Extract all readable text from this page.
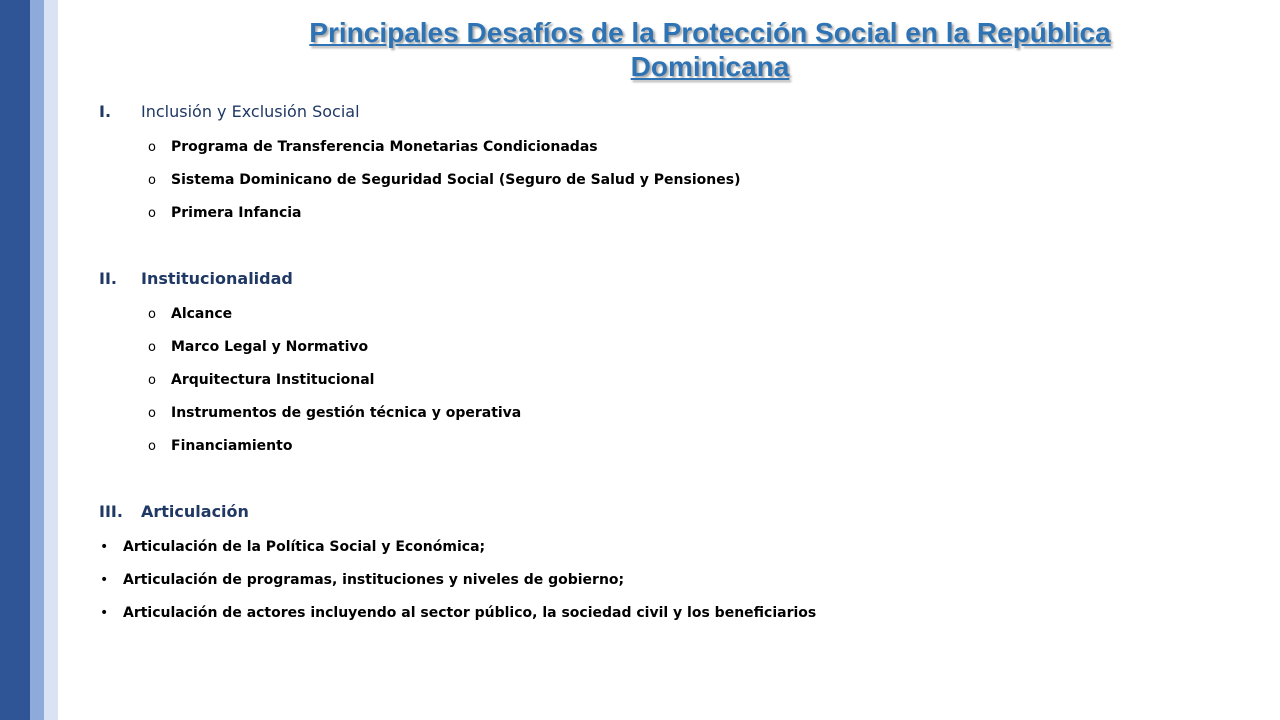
Principales Desafíos de la Protección Social en la República Dominicana
I. Inclusión y Exclusión Social
o Programa de Transferencia Monetarias Condicionadas
o Sistema Dominicano de Seguridad Social (Seguro de Salud y Pensiones)
o Primera Infancia
II. Institucionalidad
o Alcance
o Marco Legal y Normativo
o Arquitectura Institucional
o Instrumentos de gestión técnica y operativa
o Financiamiento
III. Articulación
• Articulación de la Política Social y Económica;
• Articulación de programas, instituciones y niveles de gobierno;
• Articulación de actores incluyendo al sector público, la sociedad civil y los beneficiarios
